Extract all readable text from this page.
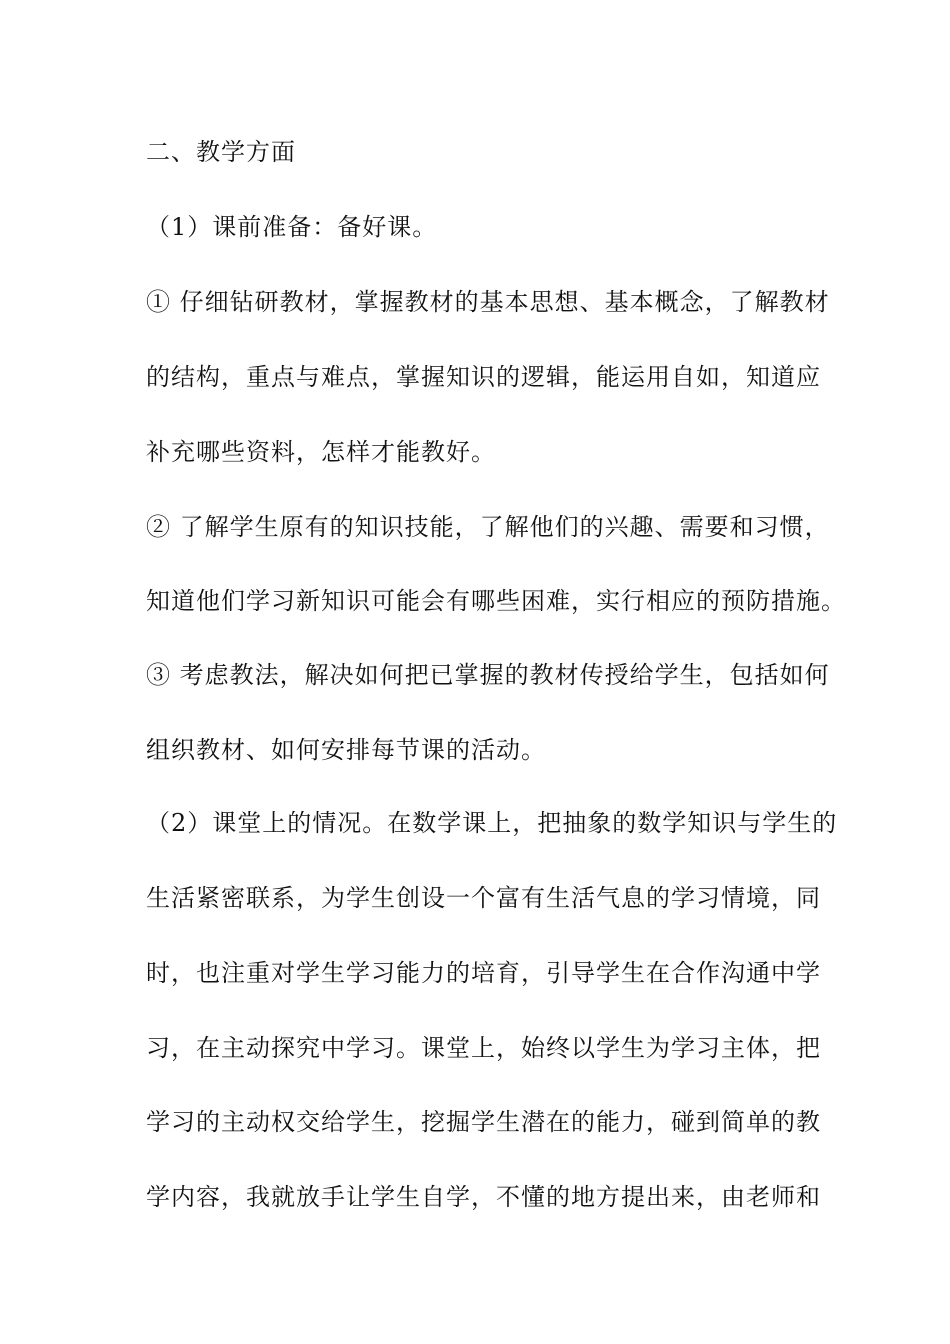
二、教学方面
（1）课前准备：备好课。
① 仔细钻研教材，掌握教材的基本思想、基本概念，了解教材
的结构，重点与难点，掌握知识的逻辑，能运用自如，知道应
补充哪些资料，怎样才能教好。
② 了解学生原有的知识技能，了解他们的兴趣、需要和习惯，
知道他们学习新知识可能会有哪些困难，实行相应的预防措施。
③ 考虑教法，解决如何把已掌握的教材传授给学生，包括如何
组织教材、如何安排每节课的活动。
（2）课堂上的情况。在数学课上，把抽象的数学知识与学生的
生活紧密联系，为学生创设一个富有生活气息的学习情境，同
时，也注重对学生学习能力的培育，引导学生在合作沟通中学
习，在主动探究中学习。课堂上，始终以学生为学习主体，把
学习的主动权交给学生，挖掘学生潜在的能力，碰到简单的教
学内容，我就放手让学生自学，不懂的地方提出来，由老师和
